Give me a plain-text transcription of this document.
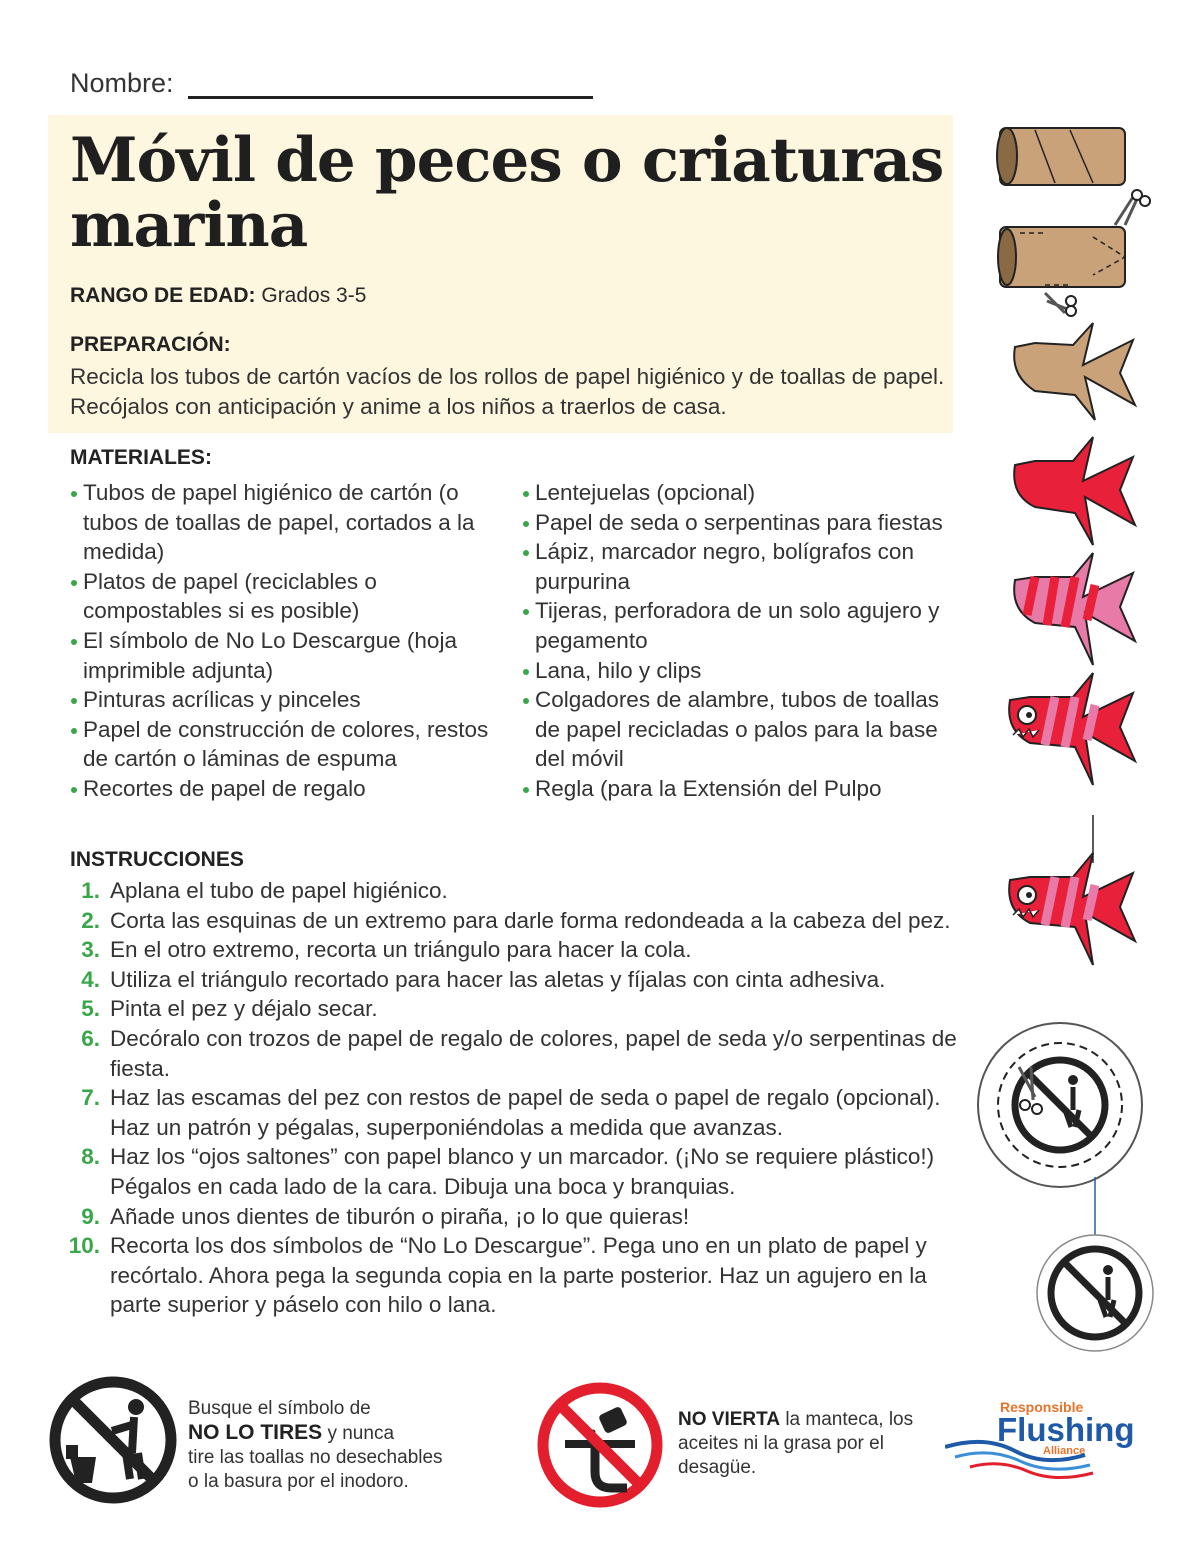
Nombre:
Móvil de peces o criaturas marina
RANGO DE EDAD: Grados 3-5
PREPARACIÓN:
Recicla los tubos de cartón vacíos de los rollos de papel higiénico y de toallas de papel. Recójalos con anticipación y anime a los niños a traerlos de casa.
MATERIALES:
Tubos de papel higiénico de cartón (o tubos de toallas de papel, cortados a la medida)
Platos de papel (reciclables o compostables si es posible)
El símbolo de No Lo Descargue (hoja imprimible adjunta)
Pinturas acrílicas y pinceles
Papel de construcción de colores, restos de cartón o láminas de espuma
Recortes de papel de regalo
Lentejuelas (opcional)
Papel de seda o serpentinas para fiestas
Lápiz, marcador negro, bolígrafos con purpurina
Tijeras, perforadora de un solo agujero y pegamento
Lana, hilo y clips
Colgadores de alambre, tubos de toallas de papel recicladas o palos para la base del móvil
Regla (para la Extensión del Pulpo
INSTRUCCIONES
1. Aplana el tubo de papel higiénico.
2. Corta las esquinas de un extremo para darle forma redondeada a la cabeza del pez.
3. En el otro extremo, recorta un triángulo para hacer la cola.
4. Utiliza el triángulo recortado para hacer las aletas y fíjalas con cinta adhesiva.
5. Pinta el pez y déjalo secar.
6. Decóralo con trozos de papel de regalo de colores, papel de seda y/o serpentinas de fiesta.
7. Haz las escamas del pez con restos de papel de seda o papel de regalo (opcional). Haz un patrón y pégalas, superponiéndolas a medida que avanzas.
8. Haz los “ojos saltones” con papel blanco y un marcador. (¡No se requiere plástico!) Pégalos en cada lado de la cara. Dibuja una boca y branquias.
9. Añade unos dientes de tiburón o piraña, ¡o lo que quieras!
10. Recorta los dos símbolos de “No Lo Descargue”. Pega uno en un plato de papel y recórtalo. Ahora pega la segunda copia en la parte posterior. Haz un agujero en la parte superior y páselo con hilo o lana.
Busque el símbolo de
NO LO TIRES y nunca
tire las toallas no desechables
o la basura por el inodoro.
NO VIERTA la manteca, los aceites ni la grasa por el desagüe.
Responsible
Flushing
Alliance
